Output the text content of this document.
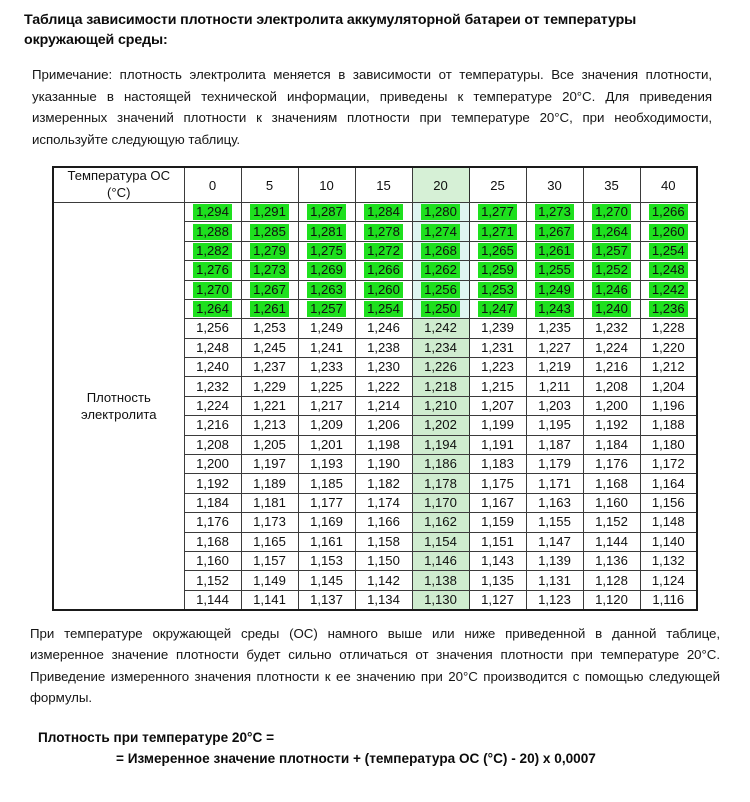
Таблица зависимости плотности электролита аккумуляторной батареи от температуры окружающей среды:
Примечание: плотность электролита меняется в зависимости от температуры. Все значения плотности, указанные в настоящей технической информации, приведены к температуре 20°C. Для приведения измеренных значений плотности к значениям плотности при температуре 20°C, при необходимости, используйте следующую таблицу.
Температура ОС (°C)	0	5	10	15	20	25	30	35	40
Плотность электролита	1,294	1,291	1,287	1,284	1,280	1,277	1,273	1,270	1,266
	1,288	1,285	1,281	1,278	1,274	1,271	1,267	1,264	1,260
	1,282	1,279	1,275	1,272	1,268	1,265	1,261	1,257	1,254
	1,276	1,273	1,269	1,266	1,262	1,259	1,255	1,252	1,248
	1,270	1,267	1,263	1,260	1,256	1,253	1,249	1,246	1,242
	1,264	1,261	1,257	1,254	1,250	1,247	1,243	1,240	1,236
	1,256	1,253	1,249	1,246	1,242	1,239	1,235	1,232	1,228
	1,248	1,245	1,241	1,238	1,234	1,231	1,227	1,224	1,220
	1,240	1,237	1,233	1,230	1,226	1,223	1,219	1,216	1,212
	1,232	1,229	1,225	1,222	1,218	1,215	1,211	1,208	1,204
	1,224	1,221	1,217	1,214	1,210	1,207	1,203	1,200	1,196
	1,216	1,213	1,209	1,206	1,202	1,199	1,195	1,192	1,188
	1,208	1,205	1,201	1,198	1,194	1,191	1,187	1,184	1,180
	1,200	1,197	1,193	1,190	1,186	1,183	1,179	1,176	1,172
	1,192	1,189	1,185	1,182	1,178	1,175	1,171	1,168	1,164
	1,184	1,181	1,177	1,174	1,170	1,167	1,163	1,160	1,156
	1,176	1,173	1,169	1,166	1,162	1,159	1,155	1,152	1,148
	1,168	1,165	1,161	1,158	1,154	1,151	1,147	1,144	1,140
	1,160	1,157	1,153	1,150	1,146	1,143	1,139	1,136	1,132
	1,152	1,149	1,145	1,142	1,138	1,135	1,131	1,128	1,124
	1,144	1,141	1,137	1,134	1,130	1,127	1,123	1,120	1,116
При температуре окружающей среды (ОС) намного выше или ниже приведенной в данной таблице, измеренное значение плотности будет сильно отличаться от значения плотности при температуре 20°C. Приведение измеренного значения плотности к ее значению при 20°C производится с помощью следующей формулы.
Плотность при температуре 20°C =
= Измеренное значение плотности + (температура ОС (°C) - 20) x 0,0007
